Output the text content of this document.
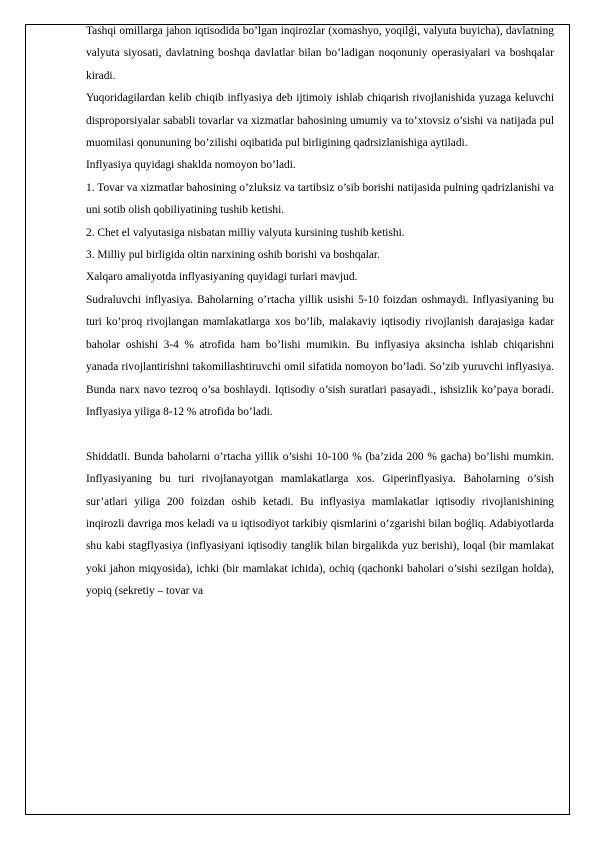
Tashqi omillarga jahon iqtisodida bo’lgan inqirozlar (xomashyo, yoqilǵi, valyuta buyicha), davlatning valyuta siyosati, davlatning boshqa davlatlar bilan bo’ladigan noqonuniy operasiyalari va boshqalar kiradi.

Yuqoridagilardan kelib chiqib inflyasiya deb ijtimoiy ishlab chiqarish rivojlanishida yuzaga keluvchi disproporsiyalar sababli tovarlar va xizmatlar bahosining umumiy va to’xtovsiz o’sishi va natijada pul muomilasi qonununing bo’zilishi oqibatida pul birligining qadrsizlanishiga aytiladi.

Inflyasiya quyidagi shaklda nomoyon bo’ladi.

1. Tovar va xizmatlar bahosining o’zluksiz va tartibsiz o’sib borishi natijasida pulning qadrizlanishi va uni sotib olish qobiliyatining tushib ketishi.

2. Chet el valyutasiga nisbatan milliy valyuta kursining tushib ketishi.

3. Milliy pul birligida oltin narxining oshib borishi va boshqalar.

Xalqaro amaliyotda inflyasiyaning quyidagi turlari mavjud.

Sudraluvchi inflyasiya. Baholarning o’rtacha yillik usishi 5-10 foizdan oshmaydi. Inflyasiyaning bu turi ko’proq rivojlangan mamlakatlarga xos bo’lib, malakaviy iqtisodiy rivojlanish darajasiga kadar baholar oshishi 3-4 % atrofida ham bo’lishi mumikin. Bu inflyasiya aksincha ishlab chiqarishni yanada rivojlantirishni takomillashtiruvchi omil sifatida nomoyon bo’ladi. So’zib yuruvchi inflyasiya. Bunda narx navo tezroq o’sa boshlaydi. Iqtisodiy o’sish suratlari pasayadi., ishsizlik ko’paya boradi. Inflyasiya yiliga 8-12 % atrofida bo’ladi.

Shiddatli. Bunda baholarni o’rtacha yillik o’sishi 10-100 % (ba’zida 200 % gacha) bo’lishi mumkin. Inflyasiyaning bu turi rivojlanayotgan mamlakatlarga xos. Giperinflyasiya. Baholarning o’sish sur’atlari yiliga 200 foizdan oshib ketadi. Bu inflyasiya mamlakatlar iqtisodiy rivojlanishining inqirozli davriga mos keladi va u iqtisodiyot tarkibiy qismlarini o’zgarishi bilan boǵliq. Adabiyotlarda shu kabi stagflyasiya (inflyasiyani iqtisodiy tanglik bilan birgalikda yuz berishi), loqal (bir mamlakat yoki jahon miqyosida), ichki (bir mamlakat ichida), ochiq (qachonki baholari o’sishi sezilgan holda), yopiq (sekretiy – tovar va
